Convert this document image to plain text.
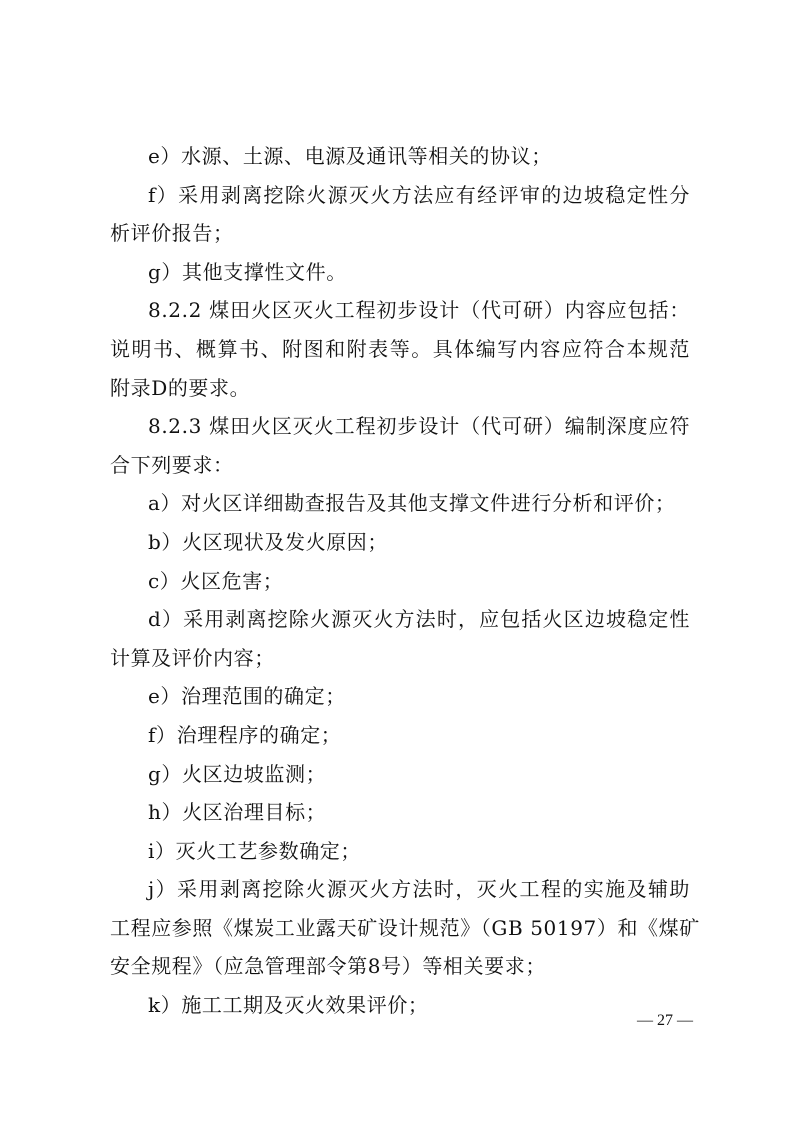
e）水源、土源、电源及通讯等相关的协议；
f）采用剥离挖除火源灭火方法应有经评审的边坡稳定性分
析评价报告；
g）其他支撑性文件。
8.2.2 煤田火区灭火工程初步设计（代可研）内容应包括：
说明书、概算书、附图和附表等。具体编写内容应符合本规范
附录D的要求。
8.2.3 煤田火区灭火工程初步设计（代可研）编制深度应符
合下列要求：
a）对火区详细勘查报告及其他支撑文件进行分析和评价；
b）火区现状及发火原因；
c）火区危害；
d）采用剥离挖除火源灭火方法时，应包括火区边坡稳定性
计算及评价内容；
e）治理范围的确定；
f）治理程序的确定；
g）火区边坡监测；
h）火区治理目标；
i）灭火工艺参数确定；
j）采用剥离挖除火源灭火方法时，灭火工程的实施及辅助
工程应参照《煤炭工业露天矿设计规范》（GB 50197）和《煤矿
安全规程》（应急管理部令第8号）等相关要求；
k）施工工期及灭火效果评价；
— 27 —
